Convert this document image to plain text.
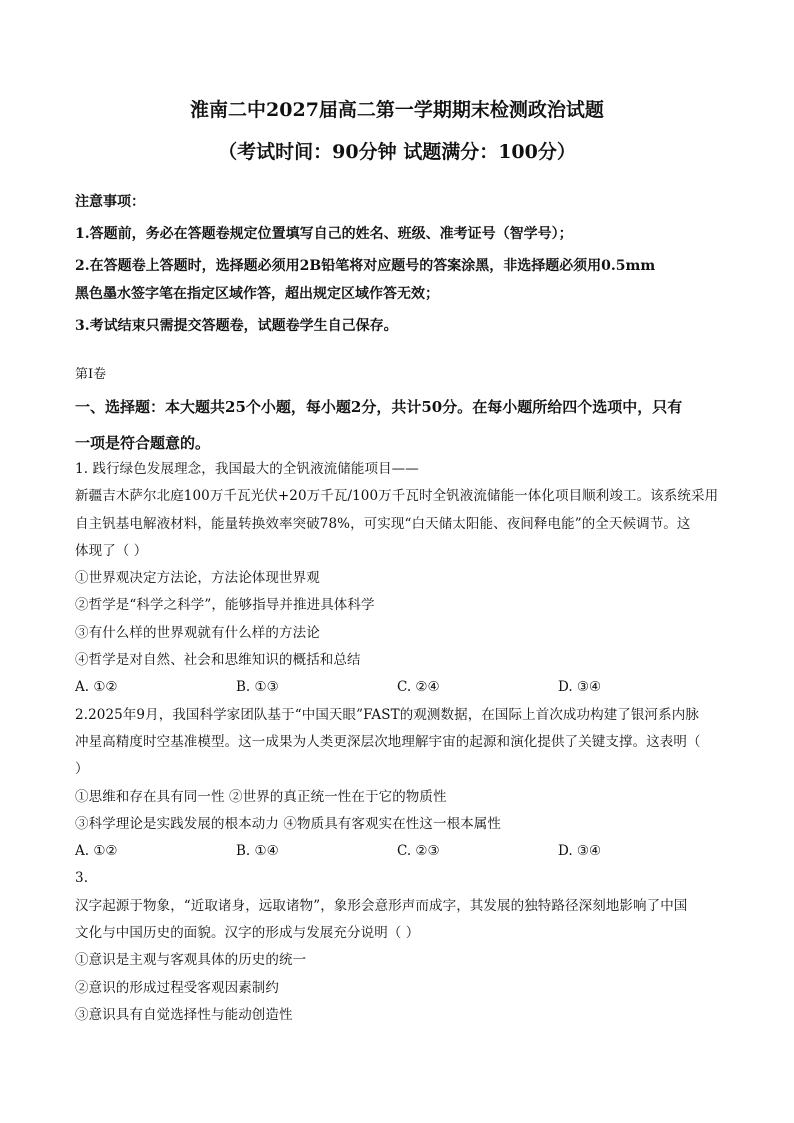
淮南二中2027届高二第一学期期末检测政治试题
（考试时间：90分钟 试题满分：100分）
注意事项：
1.答题前，务必在答题卷规定位置填写自己的姓名、班级、准考证号（智学号）；
2.在答题卷上答题时，选择题必须用2B铅笔将对应题号的答案涂黑，非选择题必须用0.5mm
黑色墨水签字笔在指定区域作答，超出规定区域作答无效；
3.考试结束只需提交答题卷，试题卷学生自己保存。
第Ⅰ卷
一、选择题：本大题共25个小题，每小题2分，共计50分。在每小题所给四个选项中，只有
一项是符合题意的。
1. 践行绿色发展理念，我国最大的全钒液流储能项目——
新疆吉木萨尔北庭100万千瓦光伏+20万千瓦/100万千瓦时全钒液流储能一体化项目顺利竣工。该系统采用
自主钒基电解液材料，能量转换效率突破78%，可实现“白天储太阳能、夜间释电能”的全天候调节。这
体现了（ ）
①世界观决定方法论，方法论体现世界观
②哲学是“科学之科学”，能够指导并推进具体科学
③有什么样的世界观就有什么样的方法论
④哲学是对自然、社会和思维知识的概括和总结
A. ①②	B. ①③	C. ②④	D. ③④
2.2025年9月，我国科学家团队基于“中国天眼”FAST的观测数据，在国际上首次成功构建了银河系内脉
冲星高精度时空基准模型。这一成果为人类更深层次地理解宇宙的起源和演化提供了关键支撑。这表明（
）
①思维和存在具有同一性 ②世界的真正统一性在于它的物质性
③科学理论是实践发展的根本动力 ④物质具有客观实在性这一根本属性
A. ①②	B. ①④	C. ②③	D. ③④
3.
汉字起源于物象，“近取诸身，远取诸物”，象形会意形声而成字，其发展的独特路径深刻地影响了中国
文化与中国历史的面貌。汉字的形成与发展充分说明（ ）
①意识是主观与客观具体的历史的统一
②意识的形成过程受客观因素制约
③意识具有自觉选择性与能动创造性
